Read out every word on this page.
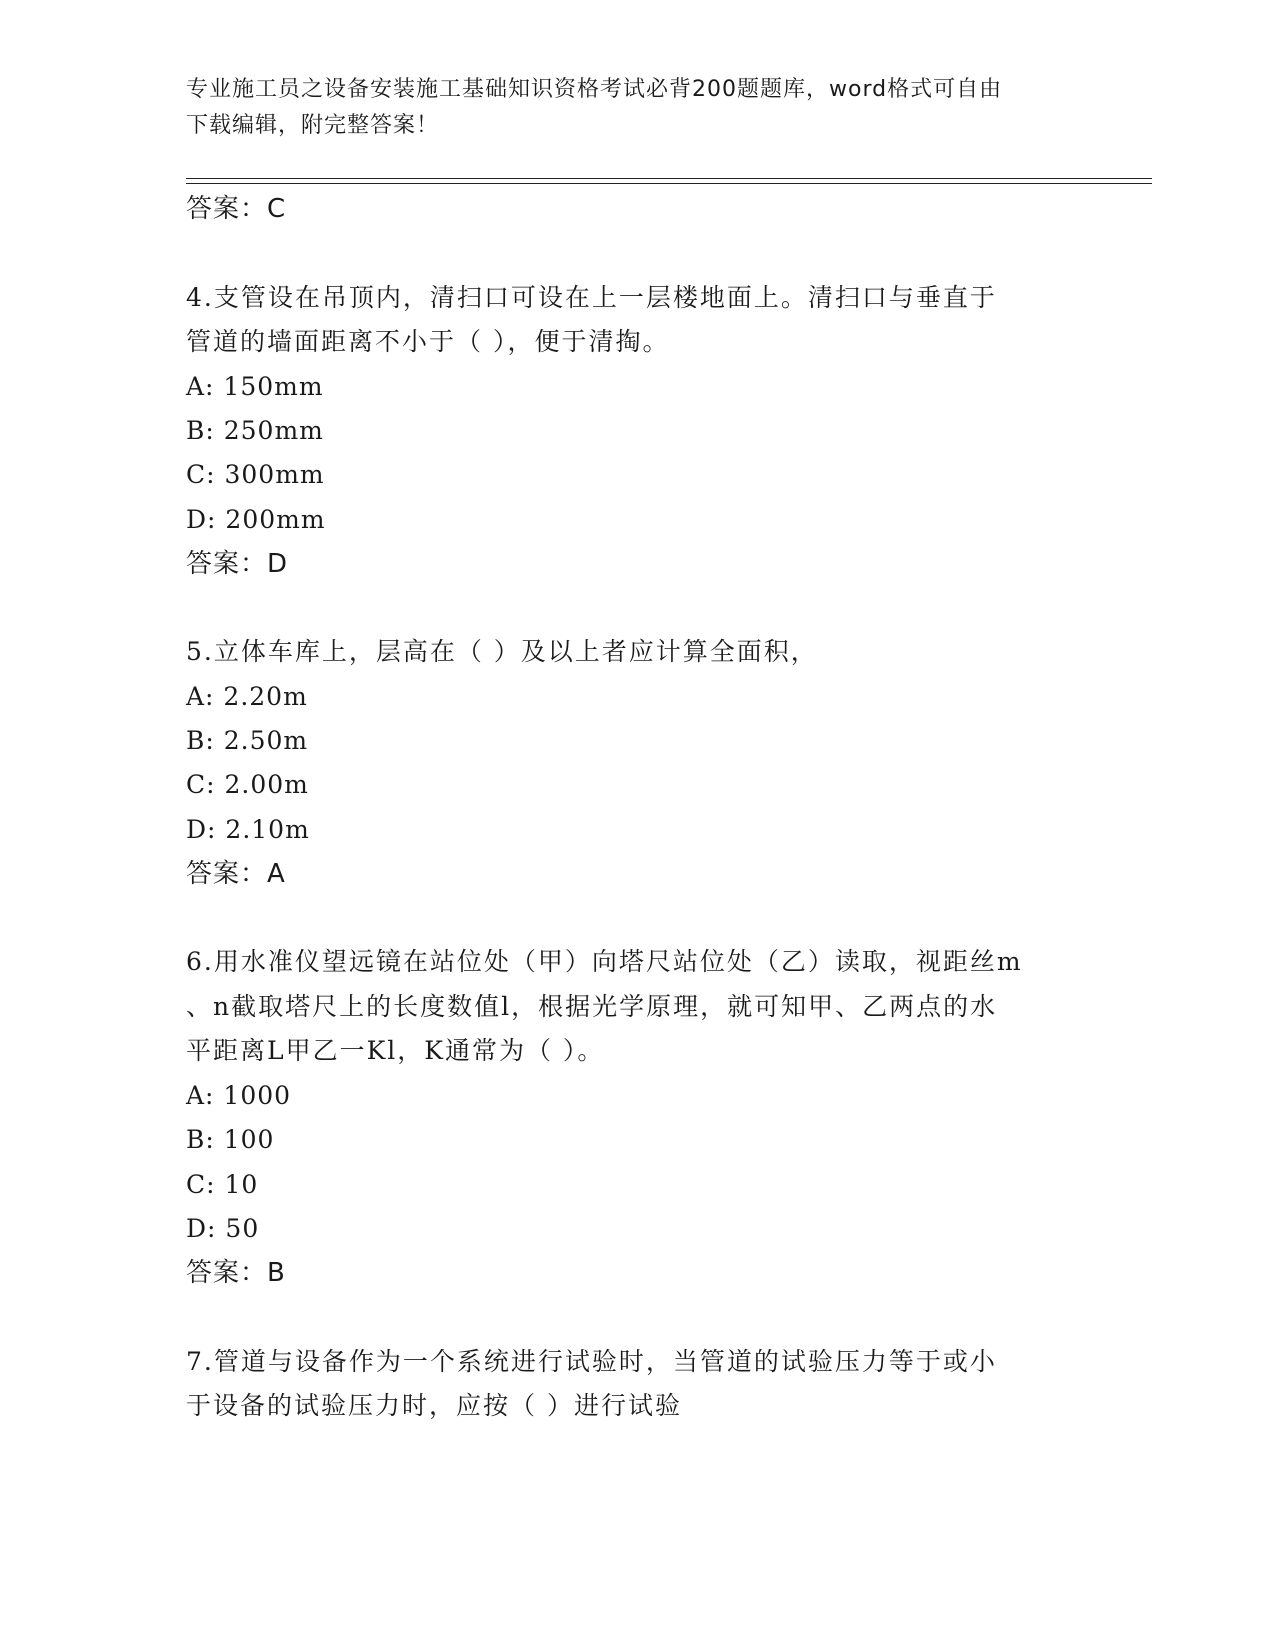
专业施工员之设备安装施工基础知识资格考试必背200题题库，word格式可自由
下载编辑，附完整答案！
答案：C
4.支管设在吊顶内，清扫口可设在上一层楼地面上。清扫口与垂直于
管道的墙面距离不小于（ ），便于清掏。
A: 150mm
B: 250mm
C: 300mm
D: 200mm
答案：D
5.立体车库上，层高在（ ）及以上者应计算全面积，
A: 2.20m
B: 2.50m
C: 2.00m
D: 2.10m
答案：A
6.用水准仪望远镜在站位处（甲）向塔尺站位处（乙）读取，视距丝m
、n截取塔尺上的长度数值l，根据光学原理，就可知甲、乙两点的水
平距离L甲乙一Kl，K通常为（ ）。
A: 1000
B: 100
C: 10
D: 50
答案：B
7.管道与设备作为一个系统进行试验时，当管道的试验压力等于或小
于设备的试验压力时，应按（ ）进行试验
